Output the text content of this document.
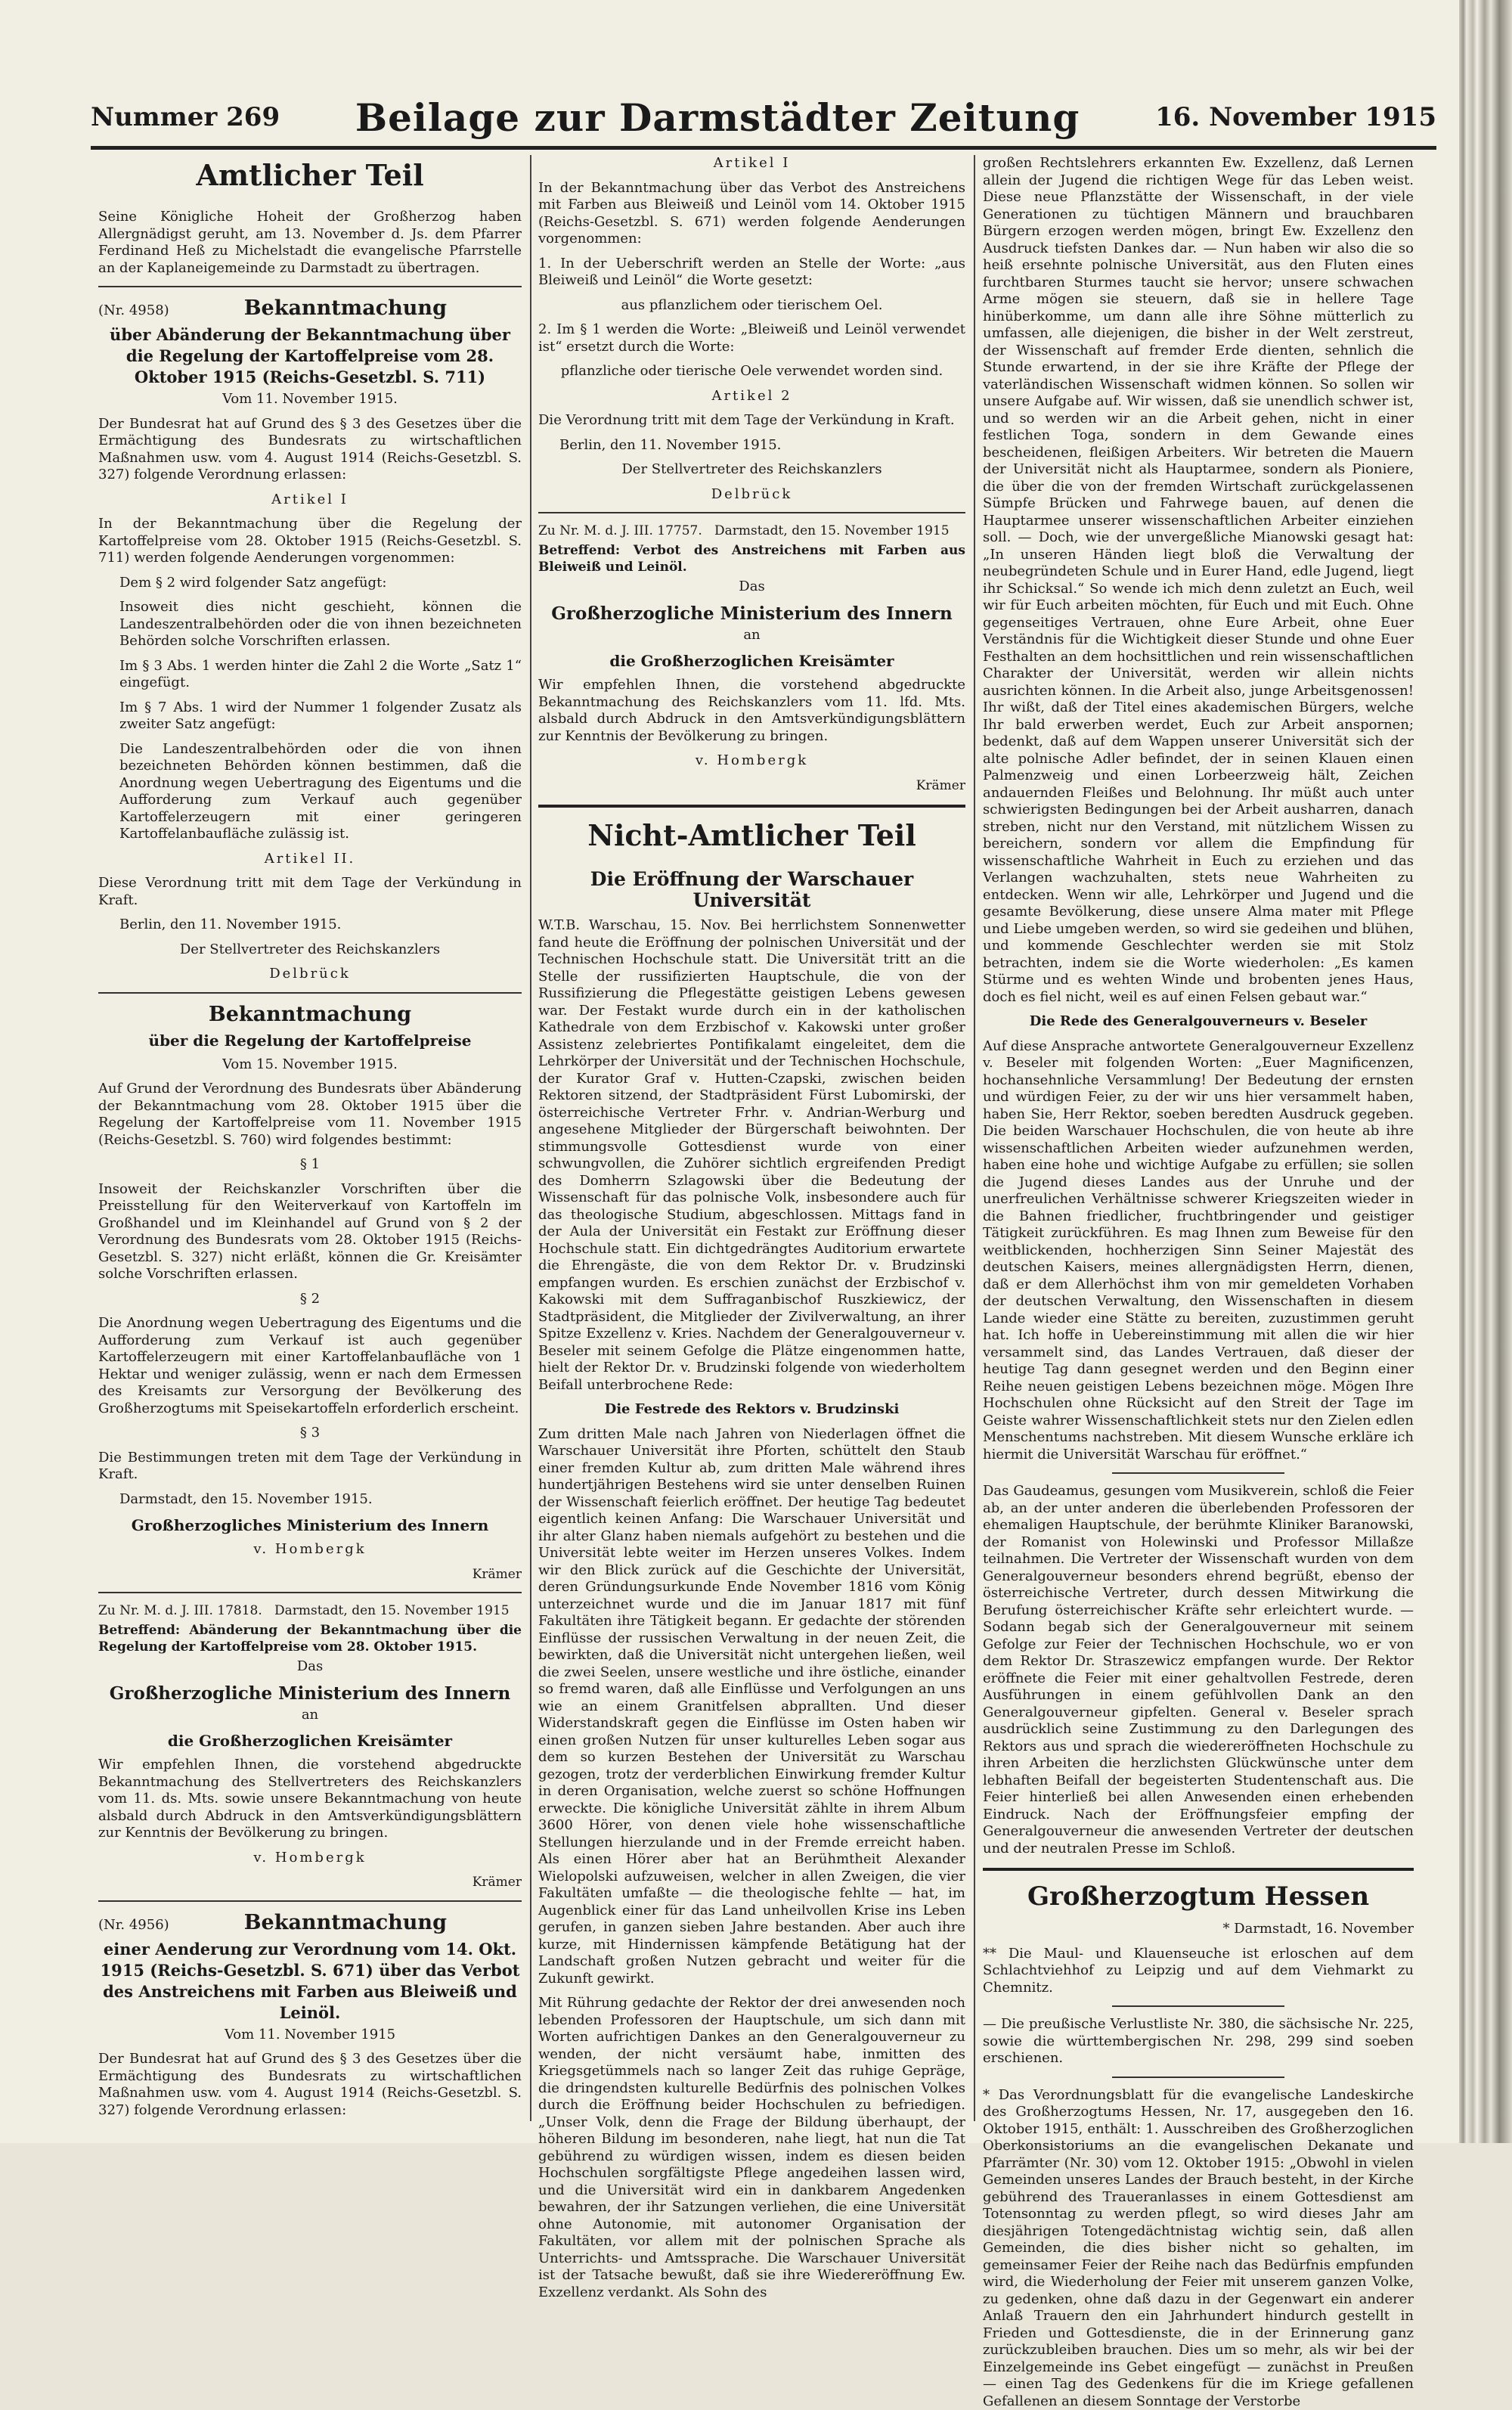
Nummer 269 Beilage zur Darmstädter Zeitung	16. November 1915
Amtlicher Teil

Seine Königliche Hoheit der Großherzog haben Allergnädigst geruht, am 13. November d. Js. dem Pfarrer Ferdinand Heß zu Michelstadt die evangelische Pfarrstelle an der Kaplaneigemeinde zu Darmstadt zu übertragen.

(Nr. 4958)	Bekanntmachung
über Abänderung der Bekanntmachung über die Regelung der Kartoffelpreise vom 28. Oktober 1915 (Reichs-Gesetzbl. S. 711)

Vom 11. November 1915.

Der Bundesrat hat auf Grund des § 3 des Gesetzes über die Ermächtigung des Bundesrats zu wirtschaftlichen Maßnahmen usw. vom 4. August 1914 (Reichs-Gesetzbl. S. 327) folgende Verordnung erlassen:

Artikel I

In der Bekanntmachung über die Regelung der Kartoffelpreise vom 28. Oktober 1915 (Reichs-Gesetzbl. S. 711) werden folgende Aenderungen vorgenommen:

Dem § 2 wird folgender Satz angefügt:

Insoweit dies nicht geschieht, können die Landeszentralbehörden oder die von ihnen bezeichneten Behörden solche Vorschriften erlassen.

Im § 3 Abs. 1 werden hinter die Zahl 2 die Worte „Satz 1“ eingefügt.

Im § 7 Abs. 1 wird der Nummer 1 folgender Zusatz als zweiter Satz angefügt:

Die Landeszentralbehörden oder die von ihnen bezeichneten Behörden können bestimmen, daß die Anordnung wegen Uebertragung des Eigentums und die Aufforderung zum Verkauf auch gegenüber Kartoffelerzeugern mit einer geringeren Kartoffelanbaufläche zulässig ist.

Artikel II.

Diese Verordnung tritt mit dem Tage der Verkündung in Kraft.

Berlin, den 11. November 1915.

Der Stellvertreter des Reichskanzlers

Delbrück

Bekanntmachung
über die Regelung der Kartoffelpreise

Vom 15. November 1915.

Auf Grund der Verordnung des Bundesrats über Abänderung der Bekanntmachung vom 28. Oktober 1915 über die Regelung der Kartoffelpreise vom 11. November 1915 (Reichs-Gesetzbl. S. 760) wird folgendes bestimmt:

§ 1

Insoweit der Reichskanzler Vorschriften über die Preisstellung für den Weiterverkauf von Kartoffeln im Großhandel und im Kleinhandel auf Grund von § 2 der Verordnung des Bundesrats vom 28. Oktober 1915 (Reichs-Gesetzbl. S. 327) nicht erläßt, können die Gr. Kreisämter solche Vorschriften erlassen.

§ 2

Die Anordnung wegen Uebertragung des Eigentums und die Aufforderung zum Verkauf ist auch gegenüber Kartoffelerzeugern mit einer Kartoffelanbaufläche von 1 Hektar und weniger zulässig, wenn er nach dem Ermessen des Kreisamts zur Versorgung der Bevölkerung des Großherzogtums mit Speisekartoffeln erforderlich erscheint.

§ 3

Die Bestimmungen treten mit dem Tage der Verkündung in Kraft.

Darmstadt, den 15. November 1915.

Großherzogliches Ministerium des Innern

v. Hombergk

Krämer

Zu Nr. M. d. J. III. 17818. Darmstadt, den 15. November 1915

Betreffend: Abänderung der Bekanntmachung über die Regelung der Kartoffelpreise vom 28. Oktober 1915.

Das

Großherzogliche Ministerium des Innern

an

die Großherzoglichen Kreisämter

Wir empfehlen Ihnen, die vorstehend abgedruckte Bekanntmachung des Stellvertreters des Reichskanzlers vom 11. ds. Mts. sowie unsere Bekanntmachung von heute alsbald durch Abdruck in den Amtsverkündigungsblättern zur Kenntnis der Bevölkerung zu bringen.

v. Hombergk

Krämer

(Nr. 4956)	Bekanntmachung
einer Aenderung zur Verordnung vom 14. Okt. 1915 (Reichs-Gesetzbl. S. 671) über das Verbot des Anstreichens mit Farben aus Bleiweiß und Leinöl.

Vom 11. November 1915

Der Bundesrat hat auf Grund des § 3 des Gesetzes über die Ermächtigung des Bundesrats zu wirtschaftlichen Maßnahmen usw. vom 4. August 1914 (Reichs-Gesetzbl. S. 327) folgende Verordnung erlassen:

Artikel I

In der Bekanntmachung über das Verbot des Anstreichens mit Farben aus Bleiweiß und Leinöl vom 14. Oktober 1915 (Reichs-Gesetzbl. S. 671) werden folgende Aenderungen vorgenommen:

1. In der Ueberschrift werden an Stelle der Worte: „aus Bleiweiß und Leinöl“ die Worte gesetzt:

aus pflanzlichem oder tierischem Oel.

2. Im § 1 werden die Worte: „Bleiweiß und Leinöl verwendet ist“ ersetzt durch die Worte:

pflanzliche oder tierische Oele verwendet worden sind.

Artikel 2

Die Verordnung tritt mit dem Tage der Verkündung in Kraft.

Berlin, den 11. November 1915.

Der Stellvertreter des Reichskanzlers

Delbrück

Zu Nr. M. d. J. III. 17757. Darmstadt, den 15. November 1915

Betreffend: Verbot des Anstreichens mit Farben aus Bleiweiß und Leinöl.

Das

Großherzogliche Ministerium des Innern

an

die Großherzoglichen Kreisämter

Wir empfehlen Ihnen, die vorstehend abgedruckte Bekanntmachung des Reichskanzlers vom 11. lfd. Mts. alsbald durch Abdruck in den Amtsverkündigungsblättern zur Kenntnis der Bevölkerung zu bringen.

v. Hombergk

Krämer

Nicht-Amtlicher Teil
Die Eröffnung der Warschauer Universität

W.T.B. Warschau, 15. Nov. Bei herrlichstem Sonnenwetter fand heute die Eröffnung der polnischen Universität und der Technischen Hochschule statt. Die Universität tritt an die Stelle der russifizierten Hauptschule, die von der Russifizierung die Pflegestätte geistigen Lebens gewesen war. Der Festakt wurde durch ein in der katholischen Kathedrale von dem Erzbischof v. Kakowski unter großer Assistenz zelebriertes Pontifikalamt eingeleitet, dem die Lehrkörper der Universität und der Technischen Hochschule, der Kurator Graf v. Hutten-Czapski, zwischen beiden Rektoren sitzend, der Stadtpräsident Fürst Lubomirski, der österreichische Vertreter Frhr. v. Andrian-Werburg und angesehene Mitglieder der Bürgerschaft beiwohnten. Der stimmungsvolle Gottesdienst wurde von einer schwungvollen, die Zuhörer sichtlich ergreifenden Predigt des Domherrn Szlagowski über die Bedeutung der Wissenschaft für das polnische Volk, insbesondere auch für das theologische Studium, abgeschlossen. Mittags fand in der Aula der Universität ein Festakt zur Eröffnung dieser Hochschule statt. Ein dichtgedrängtes Auditorium erwartete die Ehrengäste, die von dem Rektor Dr. v. Brudzinski empfangen wurden. Es erschien zunächst der Erzbischof v. Kakowski mit dem Suffraganbischof Ruszkiewicz, der Stadtpräsident, die Mitglieder der Zivilverwaltung, an ihrer Spitze Exzellenz v. Kries. Nachdem der Generalgouverneur v. Beseler mit seinem Gefolge die Plätze eingenommen hatte, hielt der Rektor Dr. v. Brudzinski folgende von wiederholtem Beifall unterbrochene Rede:

Die Festrede des Rektors v. Brudzinski

Zum dritten Male nach Jahren von Niederlagen öffnet die Warschauer Universität ihre Pforten, schüttelt den Staub einer fremden Kultur ab, zum dritten Male während ihres hundertjährigen Bestehens wird sie unter denselben Ruinen der Wissenschaft feierlich eröffnet. Der heutige Tag bedeutet eigentlich keinen Anfang: Die Warschauer Universität und ihr alter Glanz haben niemals aufgehört zu bestehen und die Universität lebte weiter im Herzen unseres Volkes. Indem wir den Blick zurück auf die Geschichte der Universität, deren Gründungsurkunde Ende November 1816 vom König unterzeichnet wurde und die im Januar 1817 mit fünf Fakultäten ihre Tätigkeit begann. Er gedachte der störenden Einflüsse der russischen Verwaltung in der neuen Zeit, die bewirkten, daß die Universität nicht untergehen ließen, weil die zwei Seelen, unsere westliche und ihre östliche, einander so fremd waren, daß alle Einflüsse und Verfolgungen an uns wie an einem Granitfelsen abprallten. Und dieser Widerstandskraft gegen die Einflüsse im Osten haben wir einen großen Nutzen für unser kulturelles Leben sogar aus dem so kurzen Bestehen der Universität zu Warschau gezogen, trotz der verderblichen Einwirkung fremder Kultur in deren Organisation, welche zuerst so schöne Hoffnungen erweckte. Die königliche Universität zählte in ihrem Album 3600 Hörer, von denen viele hohe wissenschaftliche Stellungen hierzulande und in der Fremde erreicht haben. Als einen Hörer aber hat an Berühmtheit Alexander Wielopolski aufzuweisen, welcher in allen Zweigen, die vier Fakultäten umfaßte — die theologische fehlte — hat, im Augenblick einer für das Land unheilvollen Krise ins Leben gerufen, in ganzen sieben Jahre bestanden. Aber auch ihre kurze, mit Hindernissen kämpfende Betätigung hat der Landschaft großen Nutzen gebracht und weiter für die Zukunft gewirkt.

Mit Rührung gedachte der Rektor der drei anwesenden noch lebenden Professoren der Hauptschule, um sich dann mit Worten aufrichtigen Dankes an den Generalgouverneur zu wenden, der nicht versäumt habe, inmitten des Kriegsgetümmels nach so langer Zeit das ruhige Gepräge, die dringendsten kulturelle Bedürfnis des polnischen Volkes durch die Eröffnung beider Hochschulen zu befriedigen. „Unser Volk, denn die Frage der Bildung überhaupt, der höheren Bildung im besonderen, nahe liegt, hat nun die Tat gebührend zu würdigen wissen, indem es diesen beiden Hochschulen sorgfältigste Pflege angedeihen lassen wird, und die Universität wird ein in dankbarem Angedenken bewahren, der ihr Satzungen verliehen, die eine Universität ohne Autonomie, mit autonomer Organisation der Fakultäten, vor allem mit der polnischen Sprache als Unterrichts- und Amtssprache. Die Warschauer Universität ist der Tatsache bewußt, daß sie ihre Wiedereröffnung Ew. Exzellenz verdankt. Als Sohn des

großen Rechtslehrers erkannten Ew. Exzellenz, daß Lernen allein der Jugend die richtigen Wege für das Leben weist. Diese neue Pflanzstätte der Wissenschaft, in der viele Generationen zu tüchtigen Männern und brauchbaren Bürgern erzogen werden mögen, bringt Ew. Exzellenz den Ausdruck tiefsten Dankes dar. — Nun haben wir also die so heiß ersehnte polnische Universität, aus den Fluten eines furchtbaren Sturmes taucht sie hervor; unsere schwachen Arme mögen sie steuern, daß sie in hellere Tage hinüberkomme, um dann alle ihre Söhne mütterlich zu umfassen, alle diejenigen, die bisher in der Welt zerstreut, der Wissenschaft auf fremder Erde dienten, sehnlich die Stunde erwartend, in der sie ihre Kräfte der Pflege der vaterländischen Wissenschaft widmen können. So sollen wir unsere Aufgabe auf. Wir wissen, daß sie unendlich schwer ist, und so werden wir an die Arbeit gehen, nicht in einer festlichen Toga, sondern in dem Gewande eines bescheidenen, fleißigen Arbeiters. Wir betreten die Mauern der Universität nicht als Hauptarmee, sondern als Pioniere, die über die von der fremden Wirtschaft zurückgelassenen Sümpfe Brücken und Fahrwege bauen, auf denen die Hauptarmee unserer wissenschaftlichen Arbeiter einziehen soll. — Doch, wie der unvergeßliche Mianowski gesagt hat: „In unseren Händen liegt bloß die Verwaltung der neubegründeten Schule und in Eurer Hand, edle Jugend, liegt ihr Schicksal.“ So wende ich mich denn zuletzt an Euch, weil wir für Euch arbeiten möchten, für Euch und mit Euch. Ohne gegenseitiges Vertrauen, ohne Eure Arbeit, ohne Euer Verständnis für die Wichtigkeit dieser Stunde und ohne Euer Festhalten an dem hochsittlichen und rein wissenschaftlichen Charakter der Universität, werden wir allein nichts ausrichten können. In die Arbeit also, junge Arbeitsgenossen! Ihr wißt, daß der Titel eines akademischen Bürgers, welche Ihr bald erwerben werdet, Euch zur Arbeit anspornen; bedenkt, daß auf dem Wappen unserer Universität sich der alte polnische Adler befindet, der in seinen Klauen einen Palmenzweig und einen Lorbeerzweig hält, Zeichen andauernden Fleißes und Belohnung. Ihr müßt auch unter schwierigsten Bedingungen bei der Arbeit ausharren, danach streben, nicht nur den Verstand, mit nützlichem Wissen zu bereichern, sondern vor allem die Empfindung für wissenschaftliche Wahrheit in Euch zu erziehen und das Verlangen wachzuhalten, stets neue Wahrheiten zu entdecken. Wenn wir alle, Lehrkörper und Jugend und die gesamte Bevölkerung, diese unsere Alma mater mit Pflege und Liebe umgeben werden, so wird sie gedeihen und blühen, und kommende Geschlechter werden sie mit Stolz betrachten, indem sie die Worte wiederholen: „Es kamen Stürme und es wehten Winde und brobenten jenes Haus, doch es fiel nicht, weil es auf einen Felsen gebaut war.“

Die Rede des Generalgouverneurs v. Beseler

Auf diese Ansprache antwortete Generalgouverneur Exzellenz v. Beseler mit folgenden Worten: „Euer Magnificenzen, hochansehnliche Versammlung! Der Bedeutung der ernsten und würdigen Feier, zu der wir uns hier versammelt haben, haben Sie, Herr Rektor, soeben beredten Ausdruck gegeben. Die beiden Warschauer Hochschulen, die von heute ab ihre wissenschaftlichen Arbeiten wieder aufzunehmen werden, haben eine hohe und wichtige Aufgabe zu erfüllen; sie sollen die Jugend dieses Landes aus der Unruhe und der unerfreulichen Verhältnisse schwerer Kriegszeiten wieder in die Bahnen friedlicher, fruchtbringender und geistiger Tätigkeit zurückführen. Es mag Ihnen zum Beweise für den weitblickenden, hochherzigen Sinn Seiner Majestät des deutschen Kaisers, meines allergnädigsten Herrn, dienen, daß er dem Allerhöchst ihm von mir gemeldeten Vorhaben der deutschen Verwaltung, den Wissenschaften in diesem Lande wieder eine Stätte zu bereiten, zuzustimmen geruht hat. Ich hoffe in Uebereinstimmung mit allen die wir hier versammelt sind, das Landes Vertrauen, daß dieser der heutige Tag dann gesegnet werden und den Beginn einer Reihe neuen geistigen Lebens bezeichnen möge. Mögen Ihre Hochschulen ohne Rücksicht auf den Streit der Tage im Geiste wahrer Wissenschaftlichkeit stets nur den Zielen edlen Menschentums nachstreben. Mit diesem Wunsche erkläre ich hiermit die Universität Warschau für eröffnet.“

Das Gaudeamus, gesungen vom Musikverein, schloß die Feier ab, an der unter anderen die überlebenden Professoren der ehemaligen Hauptschule, der berühmte Kliniker Baranowski, der Romanist von Holewinski und Professor Millaßze teilnahmen. Die Vertreter der Wissenschaft wurden von dem Generalgouverneur besonders ehrend begrüßt, ebenso der österreichische Vertreter, durch dessen Mitwirkung die Berufung österreichischer Kräfte sehr erleichtert wurde. — Sodann begab sich der Generalgouverneur mit seinem Gefolge zur Feier der Technischen Hochschule, wo er von dem Rektor Dr. Straszewicz empfangen wurde. Der Rektor eröffnete die Feier mit einer gehaltvollen Festrede, deren Ausführungen in einem gefühlvollen Dank an den Generalgouverneur gipfelten. General v. Beseler sprach ausdrücklich seine Zustimmung zu den Darlegungen des Rektors aus und sprach die wiedereröffneten Hochschule zu ihren Arbeiten die herzlichsten Glückwünsche unter dem lebhaften Beifall der begeisterten Studentenschaft aus. Die Feier hinterließ bei allen Anwesenden einen erhebenden Eindruck. Nach der Eröffnungsfeier empfing der Generalgouverneur die anwesenden Vertreter der deutschen und der neutralen Presse im Schloß.

Großherzogtum Hessen

* Darmstadt, 16. November

** Die Maul- und Klauenseuche ist erloschen auf dem Schlachtviehhof zu Leipzig und auf dem Viehmarkt zu Chemnitz.

— Die preußische Verlustliste Nr. 380, die sächsische Nr. 225, sowie die württembergischen Nr. 298, 299 sind soeben erschienen.

* Das Verordnungsblatt für die evangelische Landeskirche des Großherzogtums Hessen, Nr. 17, ausgegeben den 16. Oktober 1915, enthält: 1. Ausschreiben des Großherzoglichen Oberkonsistoriums an die evangelischen Dekanate und Pfarrämter (Nr. 30) vom 12. Oktober 1915: „Obwohl in vielen Gemeinden unseres Landes der Brauch besteht, in der Kirche gebührend des Traueranlasses in einem Gottesdienst am Totensonntag zu werden pflegt, so wird dieses Jahr am diesjährigen Totengedächtnistag wichtig sein, daß allen Gemeinden, die dies bisher nicht so gehalten, im gemeinsamer Feier der Reihe nach das Bedürfnis empfunden wird, die Wiederholung der Feier mit unserem ganzen Volke, zu gedenken, ohne daß dazu in der Gegenwart ein anderer Anlaß Trauern den ein Jahrhundert hindurch gestellt in Frieden und Gottesdienste, die in der Erinnerung ganz zurückzubleiben brauchen. Dies um so mehr, als wir bei der Einzelgemeinde ins Gebet eingefügt — zunächst in Preußen — einen Tag des Gedenkens für die im Kriege gefallenen Gefallenen an diesem Sonntage der Verstorbe
